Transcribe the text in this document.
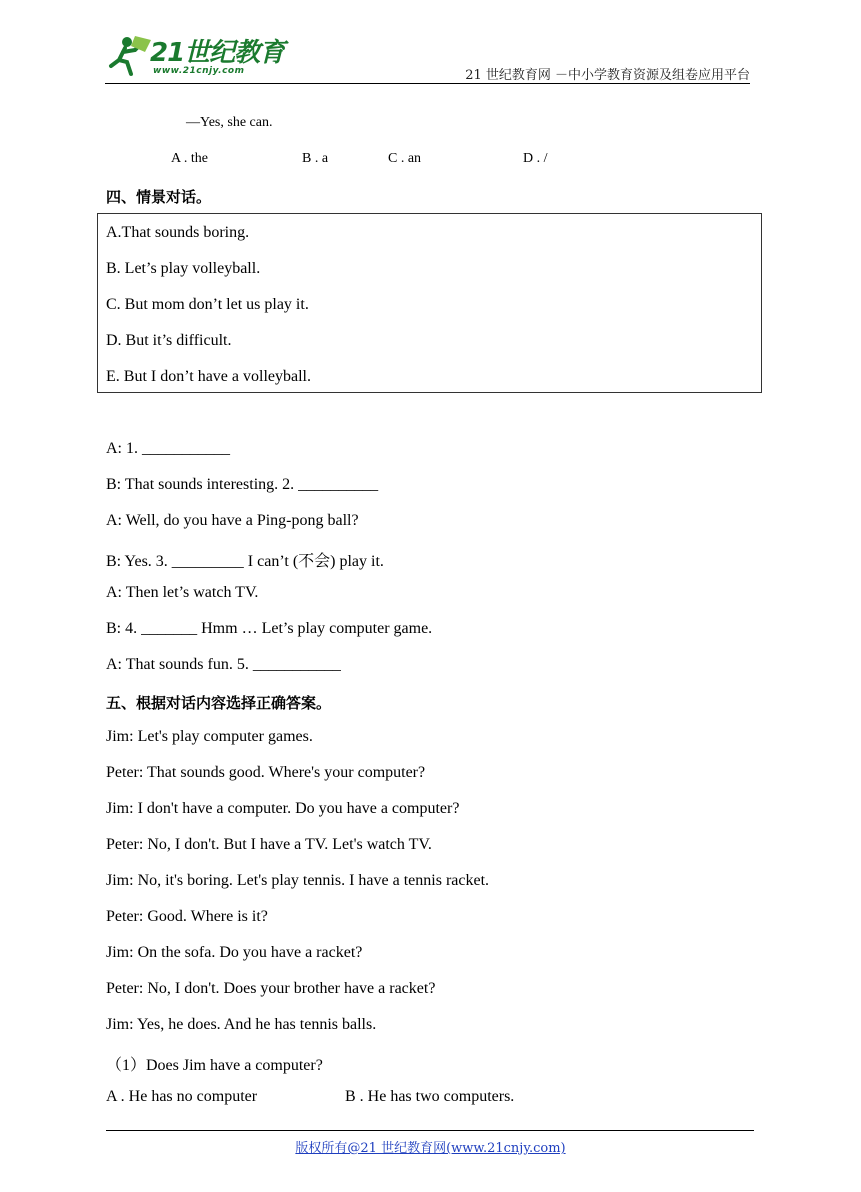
21世纪教育
www.21cnjy.com	21 世纪教育网 －中小学教育资源及组卷应用平台
—Yes, she can.
A . the	B . a	C . an	D . /
四、情景对话。
A.That sounds boring.
B. Let’s play volleyball.
C. But mom don’t let us play it.
D. But it’s difficult.
E. But I don’t have a volleyball.
A: 1. ___________
B: That sounds interesting. 2. __________
A: Well, do you have a Ping-pong ball?
B: Yes. 3. _________ I can’t (不会) play it.
A: Then let’s watch TV.
B: 4. _______ Hmm … Let’s play computer game.
A: That sounds fun. 5. ___________
五、根据对话内容选择正确答案。
Jim: Let's play computer games.
Peter: That sounds good. Where's your computer?
Jim: I don't have a computer. Do you have a computer?
Peter: No, I don't. But I have a TV. Let's watch TV.
Jim: No, it's boring. Let's play tennis. I have a tennis racket.
Peter: Good. Where is it?
Jim: On the sofa. Do you have a racket?
Peter: No, I don't. Does your brother have a racket?
Jim: Yes, he does. And he has tennis balls.
（1）Does Jim have a computer?
A . He has no computer	B . He has two computers.
版权所有@21 世纪教育网(www.21cnjy.com)
